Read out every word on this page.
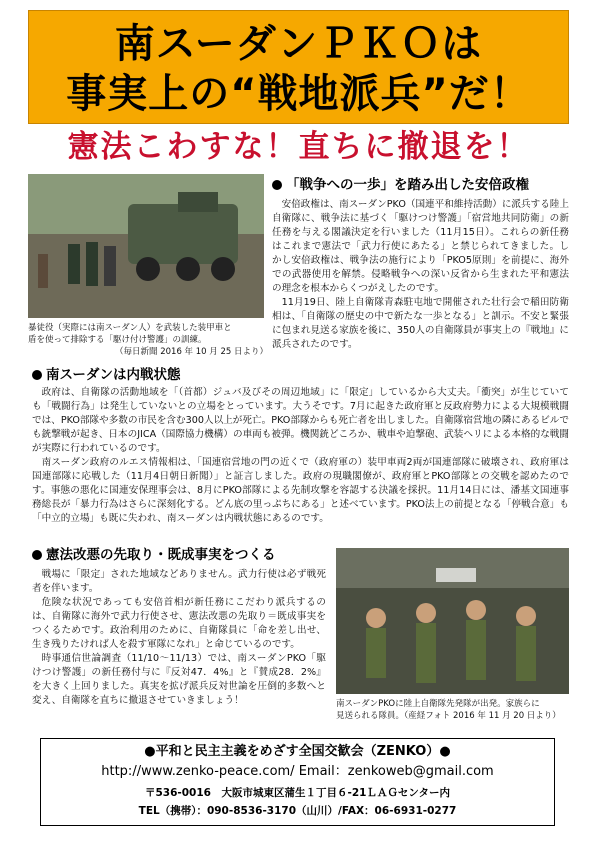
南スーダンＰＫＯは
事実上の“戦地派兵”だ！
憲法こわすな！直ちに撤退を！
暴徒役（実際には南スーダン人）を武装した装甲車と
盾を使って排除する「駆け付け警護」の訓練。
（毎日新聞 2016 年 10 月 25 日より）
「戦争への一歩」を踏み出した安倍政権

安倍政権は、南スーダンPKO（国連平和維持活動）に派兵する陸上自衛隊に、戦争法に基づく「駆けつけ警護」「宿営地共同防衛」の新任務を与える閣議決定を行いました（11月15日）。これらの新任務はこれまで憲法で「武力行使にあたる」と禁じられてきました。しかし安倍政権は、戦争法の施行により「PKO5原則」を前提に、海外での武器使用を解禁。侵略戦争への深い反省から生まれた平和憲法の理念を根本からくつがえしたのです。

11月19日、陸上自衛隊青森駐屯地で開催された壮行会で稲田防衛相は、「自衛隊の歴史の中で新たな一歩となる」と訓示。不安と緊張に包まれ見送る家族を後に、350人の自衛隊員が事実上の『戦地』に派兵されたのです。

南スーダンは内戦状態

政府は、自衛隊の活動地域を「（首都）ジュバ及びその周辺地域」に「限定」しているから大丈夫。「衝突」が生じていても「戦闘行為」は発生していないとの立場をとっています。大うそです。7月に起きた政府軍と反政府勢力による大規模戦闘では、PKO部隊や多数の市民を含む300人以上が死亡。PKO部隊からも死亡者を出しました。自衛隊宿営地の隣にあるビルでも銃撃戦が起き、日本のJICA（国際協力機構）の車両も被弾。機関銃どころか、戦車や迫撃砲、武装ヘリによる本格的な戦闘が実際に行われているのです。

南スーダン政府のルエス情報相は、「国連宿営地の門の近くで（政府軍の）装甲車両2両が国連部隊に破壊され、政府軍は国連部隊に応戦した（11月4日朝日新聞）」と証言しました。政府の現職閣僚が、政府軍とPKO部隊との交戦を認めたのです。事態の悪化に国連安保理事会は、8月にPKO部隊による先制攻撃を容認する決議を採択。11月14日には、潘基文国連事務総長が「暴力行為はさらに深刻化する。どん底の里っぷちにある」と述べています。PKO法上の前提となる「停戦合意」も「中立的立場」も既に失われ、南スーダンは内戦状態にあるのです。

憲法改悪の先取り・既成事実をつくる

戦場に「限定」された地域などありません。武力行使は必ず戦死者を伴います。

危険な状況であっても安倍首相が新任務にこだわり派兵するのは、自衛隊に海外で武力行使させ、憲法改悪の先取り＝既成事実をつくるためです。政治利用のために、自衛隊員に「命を差し出せ、生き残りたければ人を殺す軍隊になれ」と命じているのです。

時事通信世論調査（11/10〜11/13）では、南スーダンPKO「駆けつけ警護」の新任務付与に『反対47．4%』と『賛成28．2%』を大きく上回りました。真実を拡げ派兵反対世論を圧倒的多数へと変え、自衛隊を直ちに撤退させていきましょう！	南スーダンPKOに陸上自衛隊先発隊が出発。家族らに
見送られる隊員。（産経フォト 2016 年 11 月 20 日より）
●平和と民主主義をめざす全国交歓会（ZENKO）●
http://www.zenko-peace.com/ Email：zenkoweb@gmail.com
〒536-0016　大阪市城東区蒲生１丁目６-21ＬＡＧセンター内
TEL（携帯）：090-8536-3170（山川）/FAX：06-6931-0277
